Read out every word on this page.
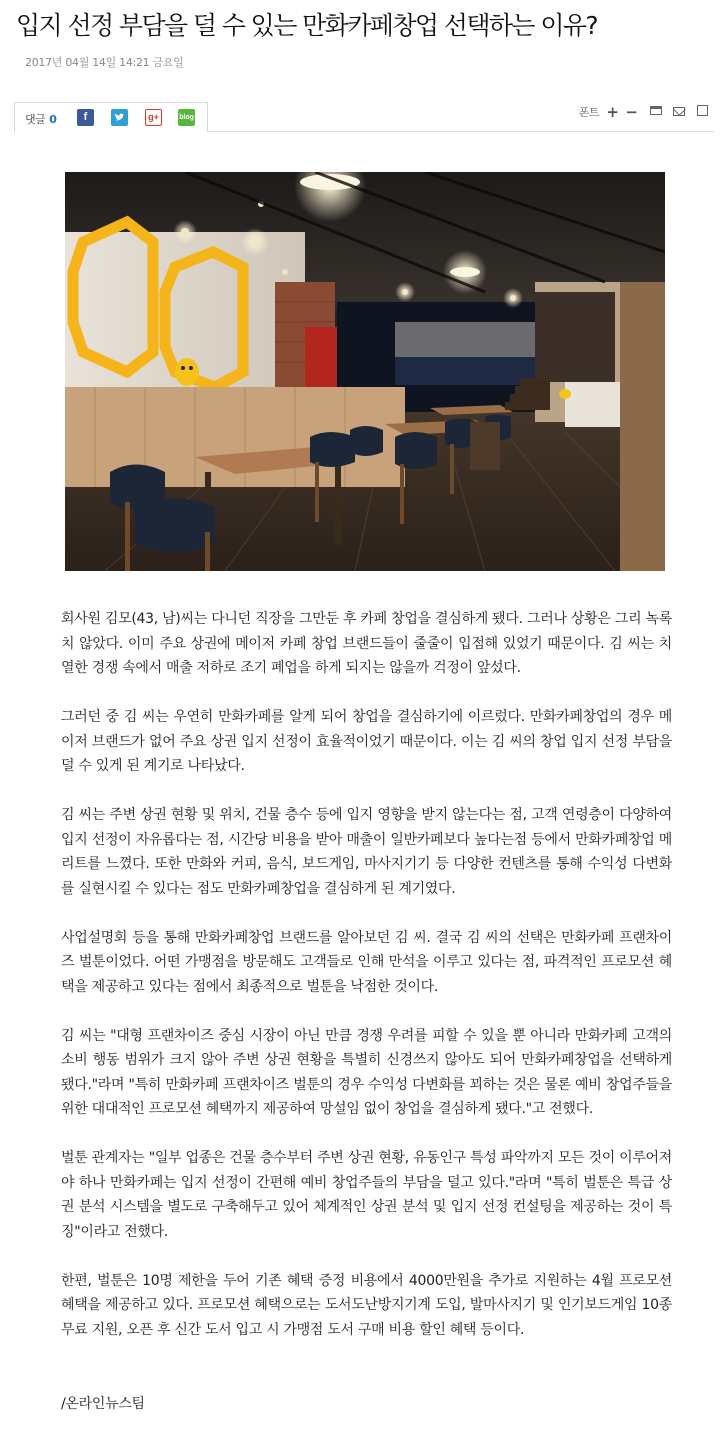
입지 선정 부담을 덜 수 있는 만화카페창업 선택하는 이유?
2017년 04월 14일 14:21 금요일
댓글 0	f	g+	blog	폰트 + −

회사원 김모(43, 남)씨는 다니던 직장을 그만둔 후 카페 창업을 결심하게 됐다. 그러나 상황은 그리 녹록치 않았다. 이미 주요 상권에 메이저 카페 창업 브랜드들이 줄줄이 입점해 있었기 때문이다. 김 씨는 치열한 경쟁 속에서 매출 저하로 조기 폐업을 하게 되지는 않을까 걱정이 앞섰다.

그러던 중 김 씨는 우연히 만화카페를 알게 되어 창업을 결심하기에 이르렀다. 만화카페창업의 경우 메이저 브랜드가 없어 주요 상권 입지 선정이 효율적이었기 때문이다. 이는 김 씨의 창업 입지 선정 부담을 덜 수 있게 된 계기로 나타났다.

김 씨는 주변 상권 현황 및 위치, 건물 층수 등에 입지 영향을 받지 않는다는 점, 고객 연령층이 다양하여 입지 선정이 자유롭다는 점, 시간당 비용을 받아 매출이 일반카페보다 높다는점 등에서 만화카페창업 메리트를 느꼈다. 또한 만화와 커피, 음식, 보드게임, 마사지기기 등 다양한 컨텐츠를 통해 수익성 다변화를 실현시킬 수 있다는 점도 만화카페창업을 결심하게 된 계기였다.

사업설명회 등을 통해 만화카페창업 브랜드를 알아보던 김 씨. 결국 김 씨의 선택은 만화카페 프랜차이즈 벌툰이었다. 어떤 가맹점을 방문해도 고객들로 인해 만석을 이루고 있다는 점, 파격적인 프로모션 혜택을 제공하고 있다는 점에서 최종적으로 벌툰을 낙점한 것이다.

김 씨는 "대형 프랜차이즈 중심 시장이 아닌 만큼 경쟁 우려를 피할 수 있을 뿐 아니라 만화카페 고객의 소비 행동 범위가 크지 않아 주변 상권 현황을 특별히 신경쓰지 않아도 되어 만화카페창업을 선택하게 됐다."라며 "특히 만화카페 프랜차이즈 벌툰의 경우 수익성 다변화를 꾀하는 것은 물론 예비 창업주들을 위한 대대적인 프로모션 혜택까지 제공하여 망설임 없이 창업을 결심하게 됐다."고 전했다.

벌툰 관계자는 "일부 업종은 건물 층수부터 주변 상권 현황, 유동인구 특성 파악까지 모든 것이 이루어져야 하나 만화카페는 입지 선정이 간편해 예비 창업주들의 부담을 덜고 있다."라며 "특히 벌툰은 특급 상권 분석 시스템을 별도로 구축해두고 있어 체계적인 상권 분석 및 입지 선정 컨설팅을 제공하는 것이 특징"이라고 전했다.

한편, 벌툰은 10명 제한을 두어 기존 혜택 증정 비용에서 4000만원을 추가로 지원하는 4월 프로모션 혜택을 제공하고 있다. 프로모션 혜택으로는 도서도난방지기계 도입, 발마사지기 및 인기보드게임 10종 무료 지원, 오픈 후 신간 도서 입고 시 가맹점 도서 구매 비용 할인 혜택 등이다.

/온라인뉴스팀
